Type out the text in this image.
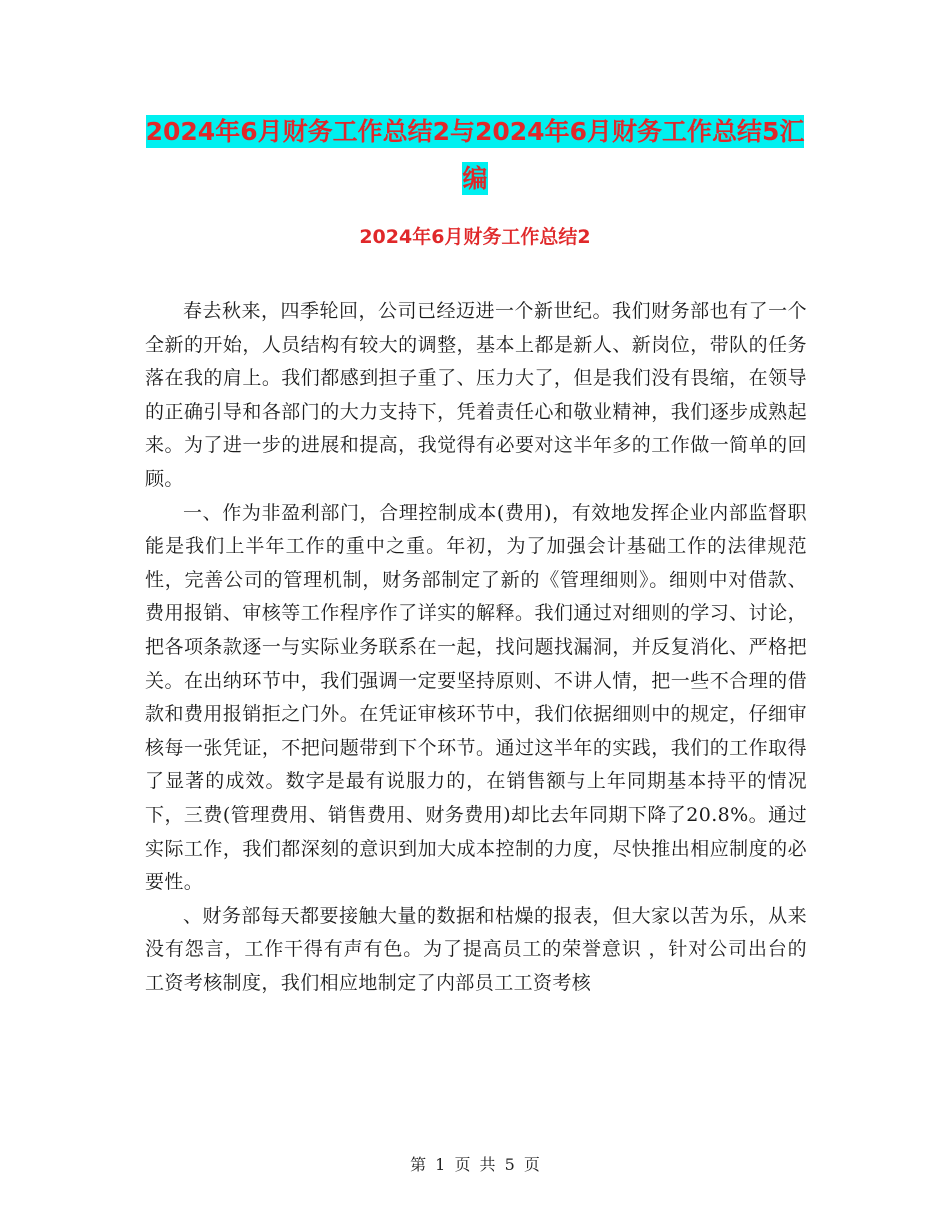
2024年6月财务工作总结2与2024年6月财务工作总结5汇编
2024年6月财务工作总结2

春去秋来，四季轮回，公司已经迈进一个新世纪。我们财务部也有了一个全新的开始，人员结构有较大的调整，基本上都是新人、新岗位，带队的任务落在我的肩上。我们都感到担子重了、压力大了，但是我们没有畏缩，在领导的正确引导和各部门的大力支持下，凭着责任心和敬业精神，我们逐步成熟起来。为了进一步的进展和提高，我觉得有必要对这半年多的工作做一简单的回顾。

一、作为非盈利部门，合理控制成本(费用)，有效地发挥企业内部监督职能是我们上半年工作的重中之重。年初，为了加强会计基础工作的法律规范性，完善公司的管理机制，财务部制定了新的《管理细则》。细则中对借款、费用报销、审核等工作程序作了详实的解释。我们通过对细则的学习、讨论，把各项条款逐一与实际业务联系在一起，找问题找漏洞，并反复消化、严格把关。在出纳环节中，我们强调一定要坚持原则、不讲人情，把一些不合理的借款和费用报销拒之门外。在凭证审核环节中，我们依据细则中的规定，仔细审核每一张凭证，不把问题带到下个环节。通过这半年的实践，我们的工作取得了显著的成效。数字是最有说服力的，在销售额与上年同期基本持平的情况下，三费(管理费用、销售费用、财务费用)却比去年同期下降了20.8%。通过实际工作，我们都深刻的意识到加大成本控制的力度，尽快推出相应制度的必要性。

、财务部每天都要接触大量的数据和枯燥的报表，但大家以苦为乐，从来没有怨言，工作干得有声有色。为了提高员工的荣誉意识 ，针对公司出台的工资考核制度，我们相应地制定了内部员工工资考核

第 1 页 共 5 页
